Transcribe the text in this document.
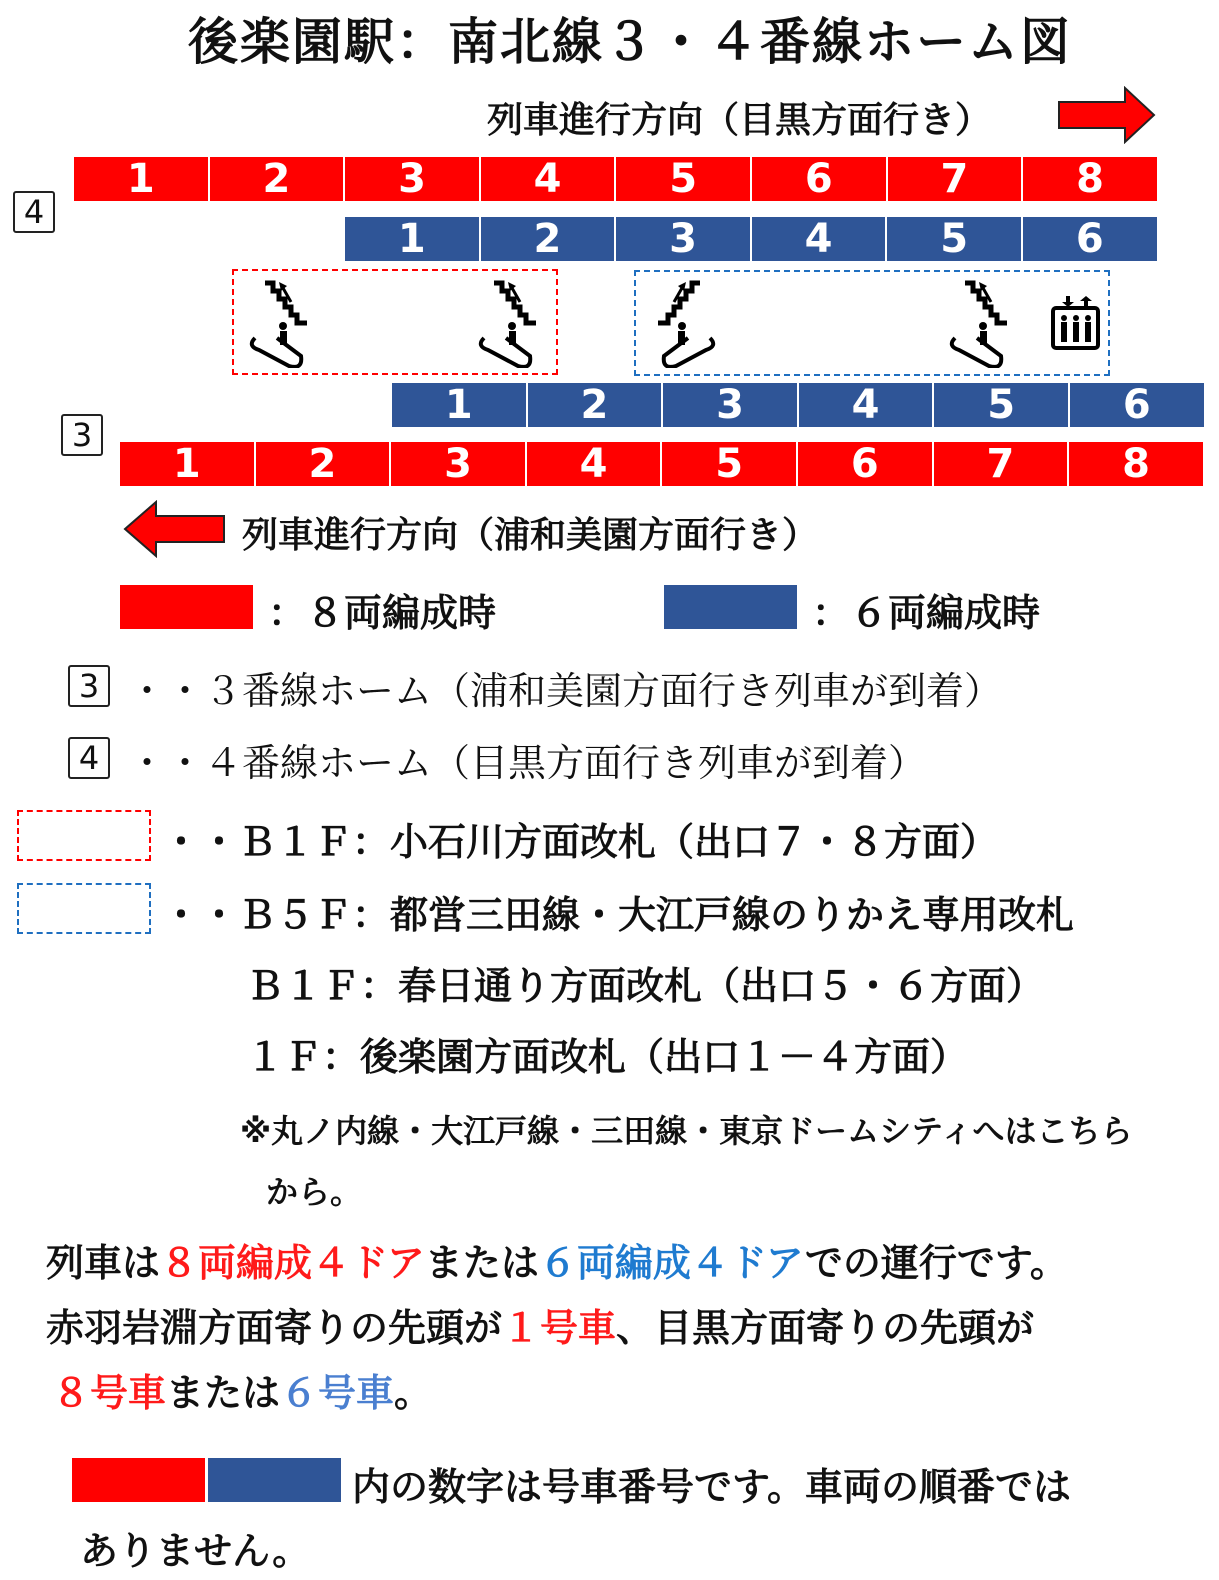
後楽園駅：南北線３・４番線ホーム図
列車進行方向（目黒方面行き）
4
1	2	3	4	5	6	7	8
1	2	3	4	5	6
3
1	2	3	4	5	6
1	2	3	4	5	6	7	8
列車進行方向（浦和美園方面行き）
：８両編成時	：６両編成時
3 ・・３番線ホーム（浦和美園方面行き列車が到着）
4 ・・４番線ホーム（目黒方面行き列車が到着）
・・Ｂ１Ｆ：小石川方面改札（出口７・８方面）
・・Ｂ５Ｆ：都営三田線・大江戸線のりかえ専用改札
Ｂ１Ｆ：春日通り方面改札（出口５・６方面）
１Ｆ：後楽園方面改札（出口１－４方面）
※丸ノ内線・大江戸線・三田線・東京ドームシティへはこちら
から。
列車は８両編成４ドアまたは６両編成４ドアでの運行です。
赤羽岩淵方面寄りの先頭が１号車、目黒方面寄りの先頭が
８号車または６号車。
内の数字は号車番号です。車両の順番では
ありません。
